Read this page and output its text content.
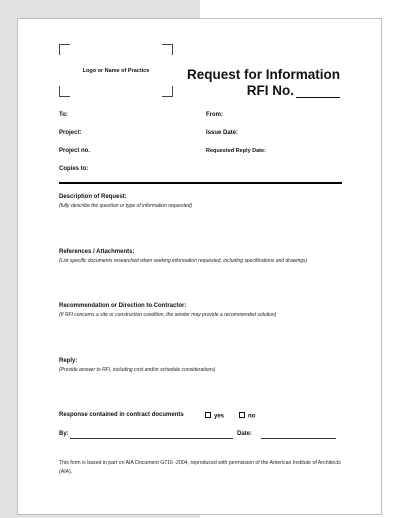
Logo or Name of Practice	Request for Information
RFI No.
To:	From:
Project:	Issue Date:
Project no.	Requested Reply Date:
Copies to:
Description of Request:
(fully describe the question or type of information requested)
References / Attachments:
(List specific documents researched when seeking information requested, including specifications and drawings)
Recommendation or Direction to Contractor:
(If RFI concerns a site or construction condition, the sender may provide a recommended solution)
Reply:
(Provide answer to RFI, including cost and/or schedule considerations)
Response contained in contract documents	yes	no
By:	Date:
This form is based in part on AIA Document G716 -2004, reproduced with permission of the American Institute of Architects (AIA).
